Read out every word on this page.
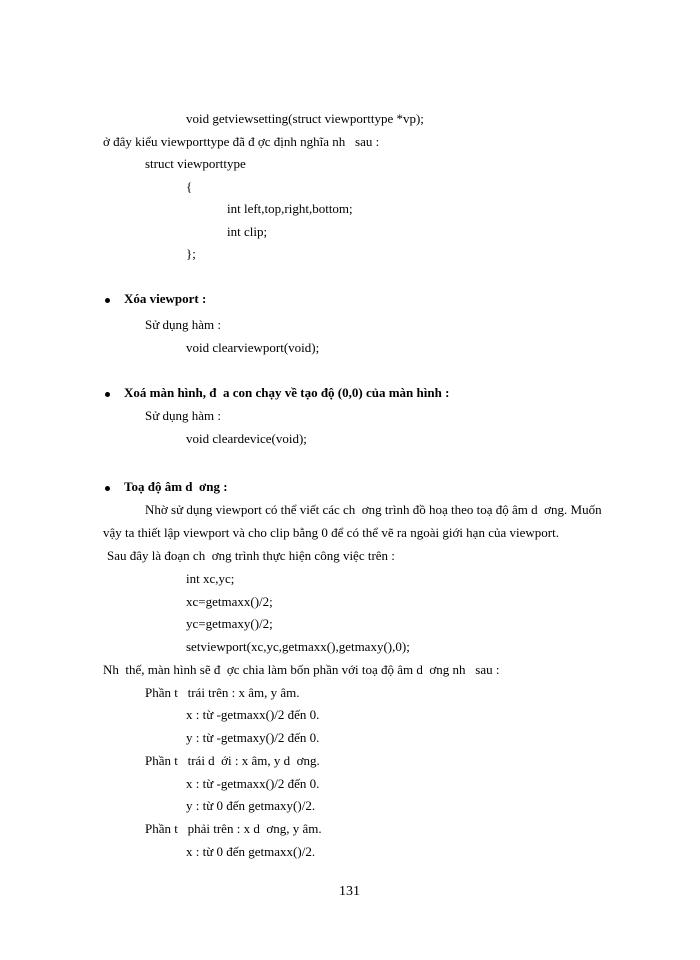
void getviewsetting(struct viewporttype *vp);
ở đây kiểu viewporttype đã đ ợc định nghĩa nh   sau :
struct viewporttype
{
int left,top,right,bottom;
int clip;
};
Xóa viewport :
Sử dụng hàm :
void clearviewport(void);
Xoá màn hình, đ  a con chạy về tạo độ (0,0) của màn hình :
Sử dụng hàm :
void cleardevice(void);
Toạ độ âm d  ơng :
Nhờ sử dụng viewport có thể viết các ch  ơng trình đồ hoạ theo toạ độ âm d  ơng. Muốn
vậy ta thiết lập viewport và cho clip bằng 0 để có thể vẽ ra ngoài giới hạn của viewport.
Sau đây là đoạn ch  ơng trình thực hiện công việc trên :
int xc,yc;
xc=getmaxx()/2;
yc=getmaxy()/2;
setviewport(xc,yc,getmaxx(),getmaxy(),0);
Nh  thế, màn hình sẽ đ  ợc chia làm bốn phần với toạ độ âm d  ơng nh   sau :
Phần t   trái trên : x âm, y âm.
x : từ -getmaxx()/2 đến 0.
y : từ -getmaxy()/2 đến 0.
Phần t   trái d  ới : x âm, y d  ơng.
x : từ -getmaxx()/2 đến 0.
y : từ 0 đến getmaxy()/2.
Phần t   phải trên : x d  ơng, y âm.
x : từ 0 đến getmaxx()/2.
131
